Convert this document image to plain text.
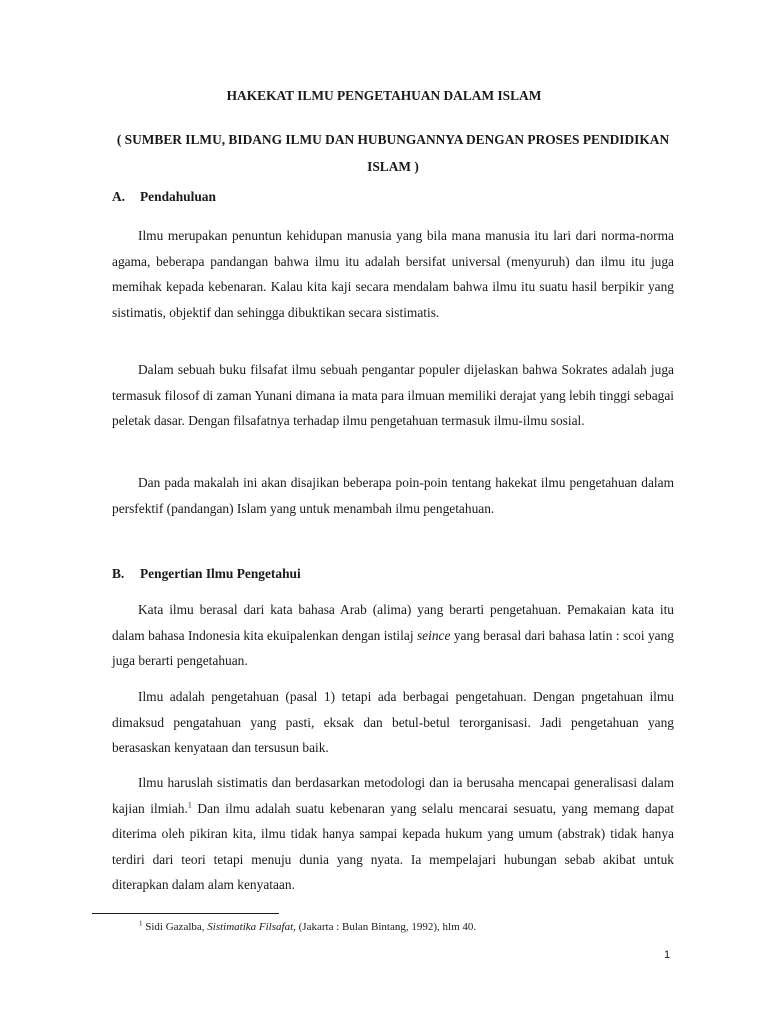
HAKEKAT ILMU PENGETAHUAN DALAM ISLAM
( SUMBER ILMU, BIDANG ILMU DAN HUBUNGANNYA DENGAN PROSES PENDIDIKAN ISLAM )
A. Pendahuluan

Ilmu merupakan penuntun kehidupan manusia yang bila mana manusia itu lari dari norma-norma agama, beberapa pandangan bahwa ilmu itu adalah bersifat universal (menyuruh) dan ilmu itu juga memihak kepada kebenaran. Kalau kita kaji secara mendalam bahwa ilmu itu suatu hasil berpikir yang sistimatis, objektif dan sehingga dibuktikan secara sistimatis.

Dalam sebuah buku filsafat ilmu sebuah pengantar populer dijelaskan bahwa Sokrates adalah juga termasuk filosof di zaman Yunani dimana ia mata para ilmuan memiliki derajat yang lebih tinggi sebagai peletak dasar. Dengan filsafatnya terhadap ilmu pengetahuan termasuk ilmu-ilmu sosial.

Dan pada makalah ini akan disajikan beberapa poin-poin tentang hakekat ilmu pengetahuan dalam persfektif (pandangan) Islam yang untuk menambah ilmu pengetahuan.

B. Pengertian Ilmu Pengetahui

Kata ilmu berasal dari kata bahasa Arab (alima) yang berarti pengetahuan. Pemakaian kata itu dalam bahasa Indonesia kita ekuipalenkan dengan istilaj seince yang berasal dari bahasa latin : scoi yang juga berarti pengetahuan.

Ilmu adalah pengetahuan (pasal 1) tetapi ada berbagai pengetahuan. Dengan pngetahuan ilmu dimaksud pengatahuan yang pasti, eksak dan betul-betul terorganisasi. Jadi pengetahuan yang berasaskan kenyataan dan tersusun baik.

Ilmu haruslah sistimatis dan berdasarkan metodologi dan ia berusaha mencapai generalisasi dalam kajian ilmiah.$^1$ Dan ilmu adalah suatu kebenaran yang selalu mencarai sesuatu, yang memang dapat diterima oleh pikiran kita, ilmu tidak hanya sampai kepada hukum yang umum (abstrak) tidak hanya terdiri dari teori tetapi menuju dunia yang nyata. Ia mempelajari hubungan sebab akibat untuk diterapkan dalam alam kenyataan.

$^1$ Sidi Gazalba, Sistimatika Filsafat, (Jakarta : Bulan Bintang, 1992), hlm 40.
1
